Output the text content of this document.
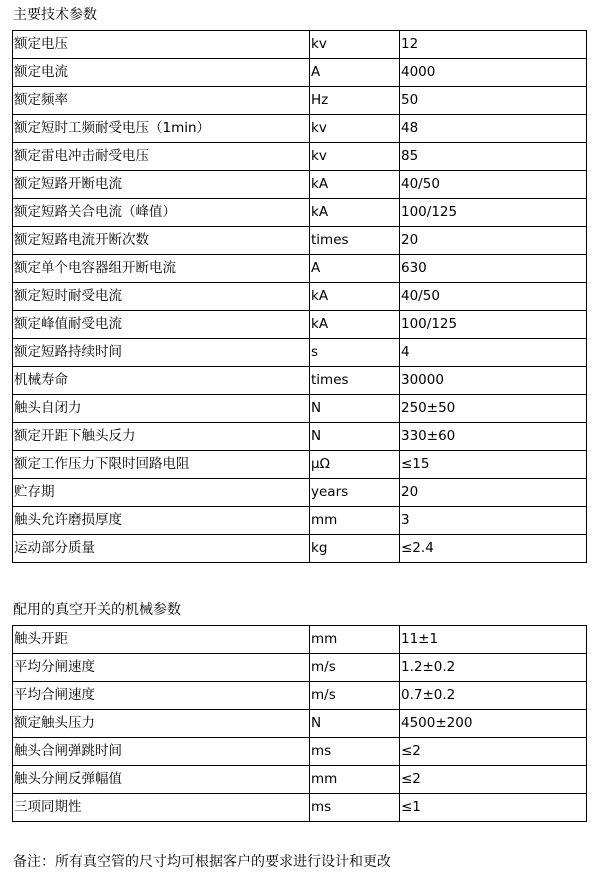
主要技术参数
额定电压	kv	12
额定电流	A	4000
额定频率	Hz	50
额定短时工频耐受电压（1min）	kv	48
额定雷电冲击耐受电压	kv	85
额定短路开断电流	kA	40/50
额定短路关合电流（峰值）	kA	100/125
额定短路电流开断次数	times	20
额定单个电容器组开断电流	A	630
额定短时耐受电流	kA	40/50
额定峰值耐受电流	kA	100/125
额定短路持续时间	s	4
机械寿命	times	30000
触头自闭力	N	250±50
额定开距下触头反力	N	330±60
额定工作压力下限时回路电阻	μΩ	≤15
贮存期	years	20
触头允许磨损厚度	mm	3
运动部分质量	kg	≤2.4
配用的真空开关的机械参数
触头开距	mm	11±1
平均分闸速度	m/s	1.2±0.2
平均合闸速度	m/s	0.7±0.2
额定触头压力	N	4500±200
触头合闸弹跳时间	ms	≤2
触头分闸反弹幅值	mm	≤2
三项同期性	ms	≤1
备注：所有真空管的尺寸均可根据客户的要求进行设计和更改
